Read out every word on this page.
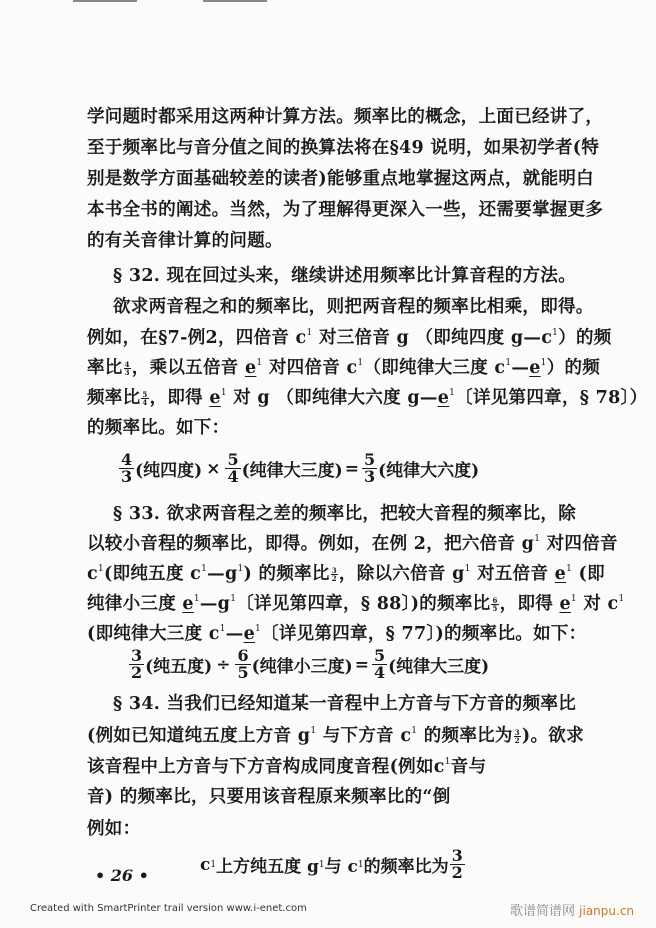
学问题时都采用这两种计算方法。频率比的概念，上面已经讲了，
至于频率比与音分值之间的换算法将在§49 说明，如果初学者(特
别是数学方面基础较差的读者)能够重点地掌握这两点，就能明白
本书全书的阐述。当然，为了理解得更深入一些，还需要掌握更多
的有关音律计算的问题。
§ 32. 现在回过头来，继续讲述用频率比计算音程的方法。
欲求两音程之和的频率比，则把两音程的频率比相乘，即得。
例如，在§7-例2，四倍音 $c^1$ 对三倍音 g （即纯四度 $g—c^1$）的频
率比 $\frac{4}{3}$ ，乘以五倍音 $e^1$ 对四倍音 $c^1$（即纯律大三度 $c^1—e^1$）的频
频率比 $\frac{5}{4}$ ，即得 $e^1$ 对 g （即纯律大六度 $g—e^1$〔详见第四章，§ 78〕）
的频率比。如下：
$\frac{4}{3}$ (纯四度) × $\frac{5}{4}$ (纯律大三度) = $\frac{5}{3}$ (纯律大六度)
§ 33. 欲求两音程之差的频率比，把较大音程的频率比，除
以较小音程的频率比，即得。例如，在例 2，把六倍音 $g^1$ 对四倍音
$c^1$(即纯五度 $c^1—g^1$) 的频率比 $\frac{3}{2}$ ，除以六倍音 $g^1$ 对五倍音 $e^1$ (即
纯律小三度 $e^1—g^1$〔详见第四章，§ 88〕)的频率比 $\frac{6}{5}$ ，即得 $e^1$ 对 $c^1$
(即纯律大三度 $c^1—e^1$〔详见第四章，§ 77〕)的频率比。如下：
$\frac{3}{2}$ (纯五度) ÷ $\frac{6}{5}$ (纯律小三度) = $\frac{5}{4}$ (纯律大三度)
§ 34. 当我们已经知道某一音程中上方音与下方音的频率比
(例如已知道纯五度上方音 $g^1$ 与下方音 $c^1$ 的频率比为 $\frac{3}{2}$ )。欲求
该音程中上方音与下方音构成同度音程(例如$c^1$音与
音) 的频率比，只要用该音程原来频率比的“倒
例如：
c 1 上方纯五度 g 1 与 c 1 的频率比为 $\frac{3}{2}$
• 26 •
Created with SmartPrinter trail version www.i-enet.com	歌谱简谱网 jianpu.cn
